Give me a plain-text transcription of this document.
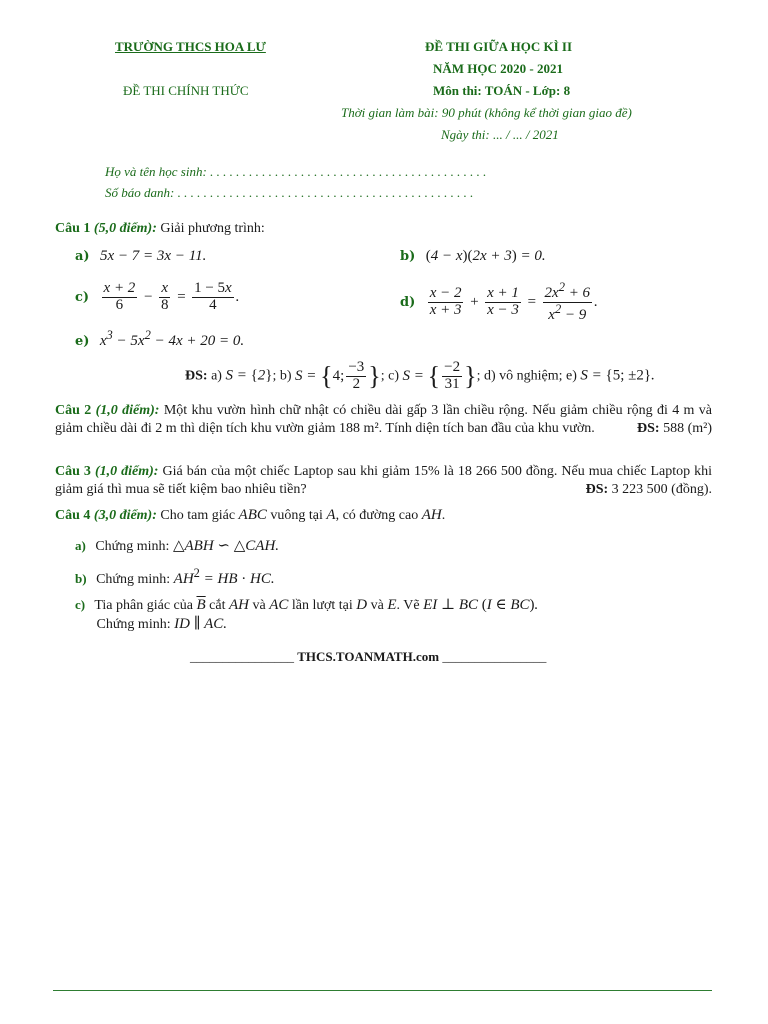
TRƯỜNG THCS HOA LƯ
ĐỀ THI CHÍNH THỨC
ĐỀ THI GIỮA HỌC KÌ II
NĂM HỌC 2020 - 2021
Môn thi: TOÁN - Lớp: 8
Thời gian làm bài: 90 phút (không kể thời gian giao đề)
Ngày thi: ... / ... / 2021
Họ và tên học sinh: . . . . . . . . . . . . . . . . . . . . . . . . . . . . . . . . . . . . . . . . . . .
Số báo danh: . . . . . . . . . . . . . . . . . . . . . . . . . . . . . . . . . . . . . . . . . . . . . .
Câu 1 (5,0 điểm): Giải phương trình:
a) 5x − 7 = 3x − 11.	b) (4 − x)(2x + 3) = 0.
$c) \frac{x + 2}{6} - \frac{x}{8} = \frac{1 - 5x}{4}$ .	$d) \frac{x - 2}{x + 3} + \frac{x + 1}{x - 3} = \frac{2x^2 + 6}{x^2 - 9}$ .
e) $x^3 - 5x^2 - 4x + 20 = 0$.
ĐS: a) S = {2}; b) S = {4; $\frac{-3}{2}$ }; c) S = { $\frac{-2}{31}$ }; d) vô nghiệm; e) S = {5; ±2}.
Câu 2 (1,0 điểm): Một khu vườn hình chữ nhật có chiều dài gấp 3 lần chiều rộng. Nếu giảm chiều rộng đi 4 m và giảm chiều dài đi 2 m thì diện tích khu vườn giảm 188 m². Tính diện tích ban đầu của khu vườn.	ĐS: 588 (m²)
Câu 3 (1,0 điểm): Giá bán của một chiếc Laptop sau khi giảm 15% là 18 266 500 đồng. Nếu mua chiếc Laptop khi giảm giá thì mua sẽ tiết kiệm bao nhiêu tiền?	ĐS: 3 223 500 (đồng).
Câu 4 (3,0 điểm): Cho tam giác ABC vuông tại A, có đường cao AH.
a) Chứng minh: △ABH ∽ △CAH.
b) Chứng minh: $AH^2$ = HB · HC.
c) Tia phân giác của $\overline{B}$ cắt AH và AC lần lượt tại D và E. Vẽ EI ⊥ BC (I ∈ BC).
Chứng minh: ID ∥ AC.
________________ THCS.TOANMATH.com ________________
